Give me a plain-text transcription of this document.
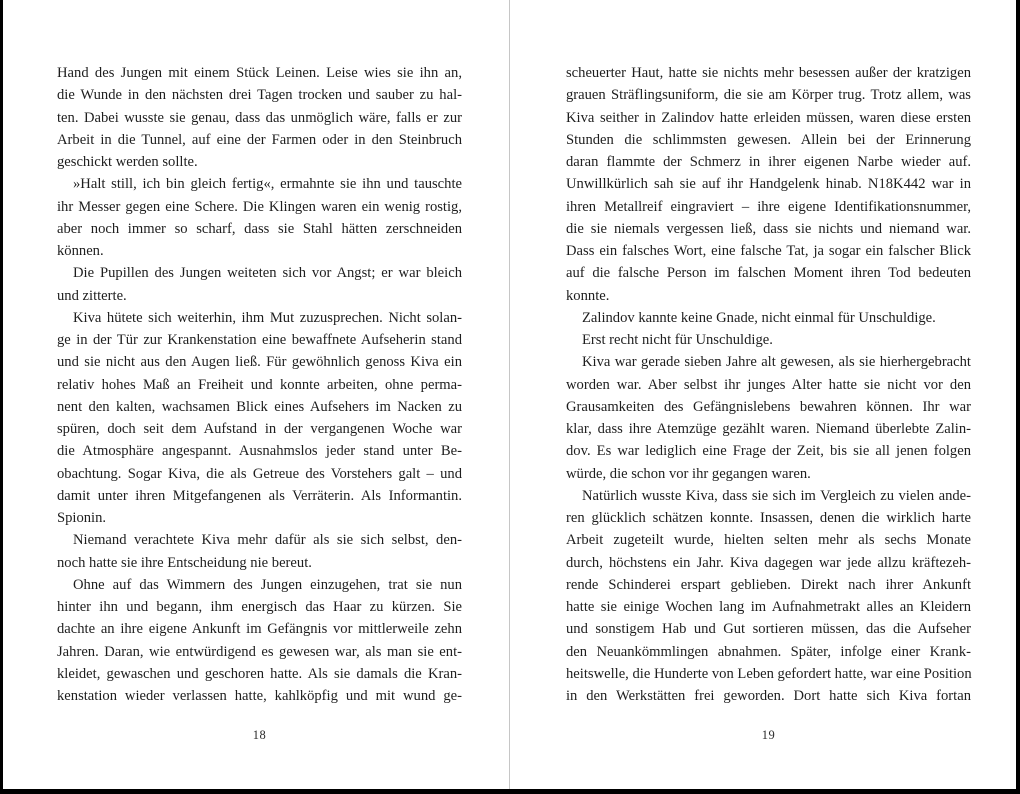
Hand des Jungen mit einem Stück Leinen. Leise wies sie ihn an,
die Wunde in den nächsten drei Tagen trocken und sauber zu hal-
ten. Dabei wusste sie genau, dass das unmöglich wäre, falls er zur
Arbeit in die Tunnel, auf eine der Farmen oder in den Steinbruch
geschickt werden sollte.
»Halt still, ich bin gleich fertig«, ermahnte sie ihn und tauschte
ihr Messer gegen eine Schere. Die Klingen waren ein wenig rostig,
aber noch immer so scharf, dass sie Stahl hätten zerschneiden
können.
Die Pupillen des Jungen weiteten sich vor Angst; er war bleich
und zitterte.
Kiva hütete sich weiterhin, ihm Mut zuzusprechen. Nicht solan-
ge in der Tür zur Krankenstation eine bewaffnete Aufseherin stand
und sie nicht aus den Augen ließ. Für gewöhnlich genoss Kiva ein
relativ hohes Maß an Freiheit und konnte arbeiten, ohne perma-
nent den kalten, wachsamen Blick eines Aufsehers im Nacken zu
spüren, doch seit dem Aufstand in der vergangenen Woche war
die Atmosphäre angespannt. Ausnahmslos jeder stand unter Be-
obachtung. Sogar Kiva, die als Getreue des Vorstehers galt – und
damit unter ihren Mitgefangenen als Verräterin. Als Informantin.
Spionin.
Niemand verachtete Kiva mehr dafür als sie sich selbst, den-
noch hatte sie ihre Entscheidung nie bereut.
Ohne auf das Wimmern des Jungen einzugehen, trat sie nun
hinter ihn und begann, ihm energisch das Haar zu kürzen. Sie
dachte an ihre eigene Ankunft im Gefängnis vor mittlerweile zehn
Jahren. Daran, wie entwürdigend es gewesen war, als man sie ent-
kleidet, gewaschen und geschoren hatte. Als sie damals die Kran-
kenstation wieder verlassen hatte, kahlköpfig und mit wund ge-
18
scheuerter Haut, hatte sie nichts mehr besessen außer der kratzigen
grauen Sträflingsuniform, die sie am Körper trug. Trotz allem, was
Kiva seither in Zalindov hatte erleiden müssen, waren diese ersten
Stunden die schlimmsten gewesen. Allein bei der Erinnerung
daran flammte der Schmerz in ihrer eigenen Narbe wieder auf.
Unwillkürlich sah sie auf ihr Handgelenk hinab. N18K442 war in
ihren Metallreif eingraviert – ihre eigene Identifikationsnummer,
die sie niemals vergessen ließ, dass sie nichts und niemand war.
Dass ein falsches Wort, eine falsche Tat, ja sogar ein falscher Blick
auf die falsche Person im falschen Moment ihren Tod bedeuten
konnte.
Zalindov kannte keine Gnade, nicht einmal für Unschuldige.
Erst recht nicht für Unschuldige.
Kiva war gerade sieben Jahre alt gewesen, als sie hierhergebracht
worden war. Aber selbst ihr junges Alter hatte sie nicht vor den
Grausamkeiten des Gefängnislebens bewahren können. Ihr war
klar, dass ihre Atemzüge gezählt waren. Niemand überlebte Zalin-
dov. Es war lediglich eine Frage der Zeit, bis sie all jenen folgen
würde, die schon vor ihr gegangen waren.
Natürlich wusste Kiva, dass sie sich im Vergleich zu vielen ande-
ren glücklich schätzen konnte. Insassen, denen die wirklich harte
Arbeit zugeteilt wurde, hielten selten mehr als sechs Monate
durch, höchstens ein Jahr. Kiva dagegen war jede allzu kräftezeh-
rende Schinderei erspart geblieben. Direkt nach ihrer Ankunft
hatte sie einige Wochen lang im Aufnahmetrakt alles an Kleidern
und sonstigem Hab und Gut sortieren müssen, das die Aufseher
den Neuankömmlingen abnahmen. Später, infolge einer Krank-
heitswelle, die Hunderte von Leben gefordert hatte, war eine Position
in den Werkstätten frei geworden. Dort hatte sich Kiva fortan
19
